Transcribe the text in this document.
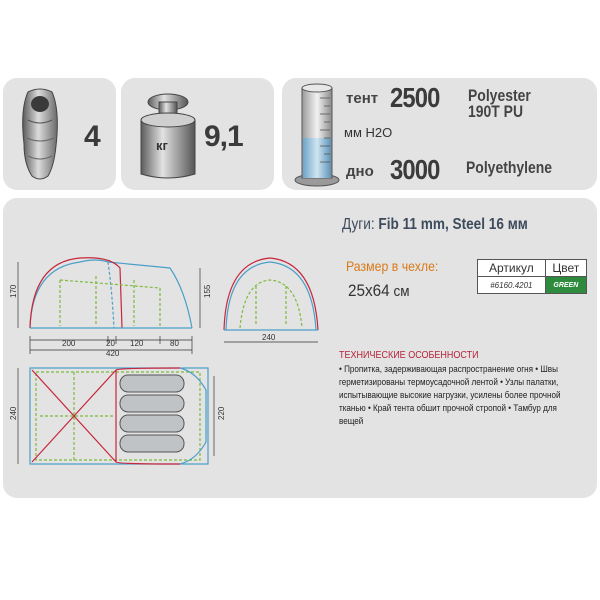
4	кг 9,1
тент 2500 Polyester
190T PU
мм H2O
дно 3000 Polyethylene
Дуги: Fib 11 mm, Steel 16 мм
Размер в чехле:
25x64 см
Артикул	Цвет
#6160.4201	GREEN
ТЕХНИЧЕСКИЕ ОСОБЕННОСТИ
• Пропитка, задерживающая распространение огня • Швы герметизированы термоусадочной лентой • Узлы палатки, испытывающие высокие нагрузки, усилены более прочной тканью • Край тента обшит прочной стропой • Тамбур для вещей
170	155
200	20 120	80
420
240
240	220
